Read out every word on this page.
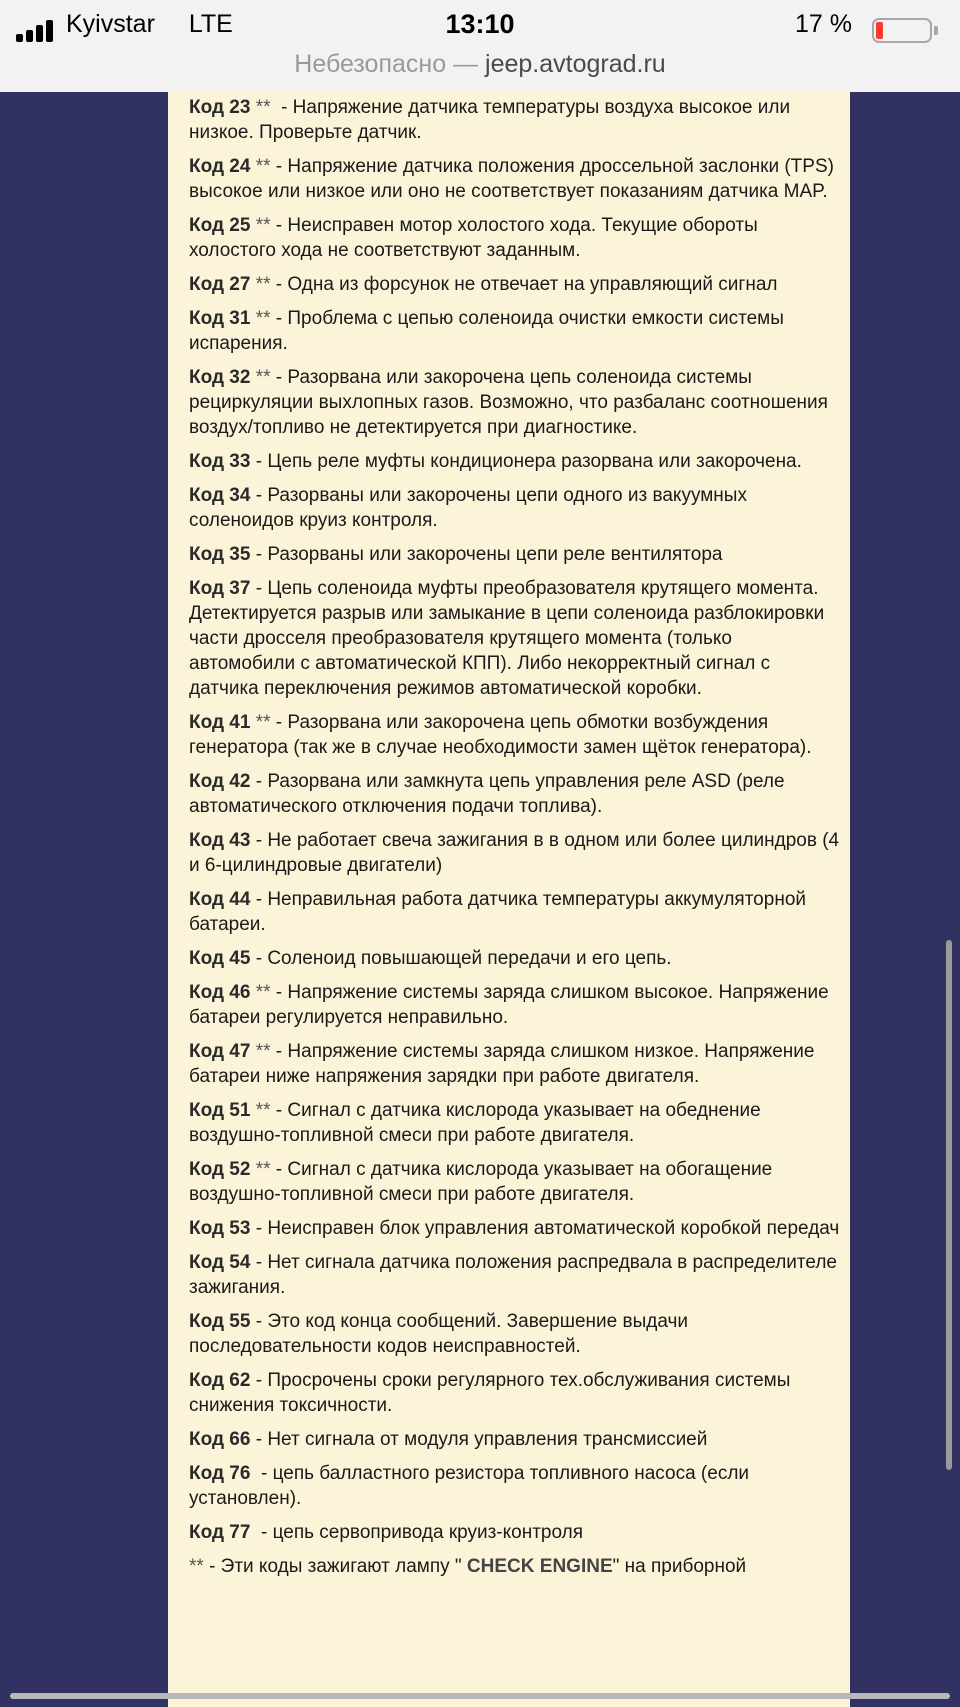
Kyivstar LTE	13:10	17 %
Небезопасно — jeep.avtograd.ru
Код 23 **  - Напряжение датчика температуры воздуха высокое или низкое. Проверьте датчик.
Код 24 ** - Напряжение датчика положения дроссельной заслонки (TPS) высокое или низкое или оно не соответствует показаниям датчика MAP.
Код 25 ** - Неисправен мотор холостого хода. Текущие обороты холостого хода не соответствуют заданным.
Код 27 ** - Одна из форсунок не отвечает на управляющий сигнал
Код 31 ** - Проблема с цепью соленоида очистки емкости системы испарения.
Код 32 ** - Разорвана или закорочена цепь соленоида системы рециркуляции выхлопных газов. Возможно, что разбаланс соотношения воздух/топливо не детектируется при диагностике.
Код 33 - Цепь реле муфты кондиционера разорвана или закорочена.
Код 34 - Разорваны или закорочены цепи одного из вакуумных соленоидов круиз контроля.
Код 35 - Разорваны или закорочены цепи реле вентилятора
Код 37 - Цепь соленоида муфты преобразователя крутящего момента. Детектируется разрыв или замыкание в цепи соленоида разблокировки части дросселя преобразователя крутящего момента (только автомобили с автоматической КПП). Либо некорректный сигнал с датчика переключения режимов автоматической коробки.
Код 41 ** - Разорвана или закорочена цепь обмотки возбуждения генератора (так же в случае необходимости замен щёток генератора).
Код 42 - Разорвана или замкнута цепь управления реле ASD (реле автоматического отключения подачи топлива).
Код 43 - Не работает свеча зажигания в в одном или более цилиндров (4 и 6-цилиндровые двигатели)
Код 44 - Неправильная работа датчика температуры аккумуляторной батареи.
Код 45 - Соленоид повышающей передачи и его цепь.
Код 46 ** - Напряжение системы заряда слишком высокое. Напряжение батареи регулируется неправильно.
Код 47 ** - Напряжение системы заряда слишком низкое. Напряжение батареи ниже напряжения зарядки при работе двигателя.
Код 51 ** - Сигнал с датчика кислорода указывает на обеднение воздушно-топливной смеси при работе двигателя.
Код 52 ** - Сигнал с датчика кислорода указывает на обогащение воздушно-топливной смеси при работе двигателя.
Код 53 - Неисправен блок управления автоматической коробкой передач
Код 54 - Нет сигнала датчика положения распредвала в распределителе зажигания.
Код 55 - Это код конца сообщений. Завершение выдачи последовательности кодов неисправностей.
Код 62 - Просрочены сроки регулярного тех.обслуживания системы снижения токсичности.
Код 66 - Нет сигнала от модуля управления трансмиссией
Код 76  - цепь балластного резистора топливного насоса (если установлен).
Код 77  - цепь сервопривода круиз-контроля
** - Эти коды зажигают лампу " CHECK ENGINE" на приборной
